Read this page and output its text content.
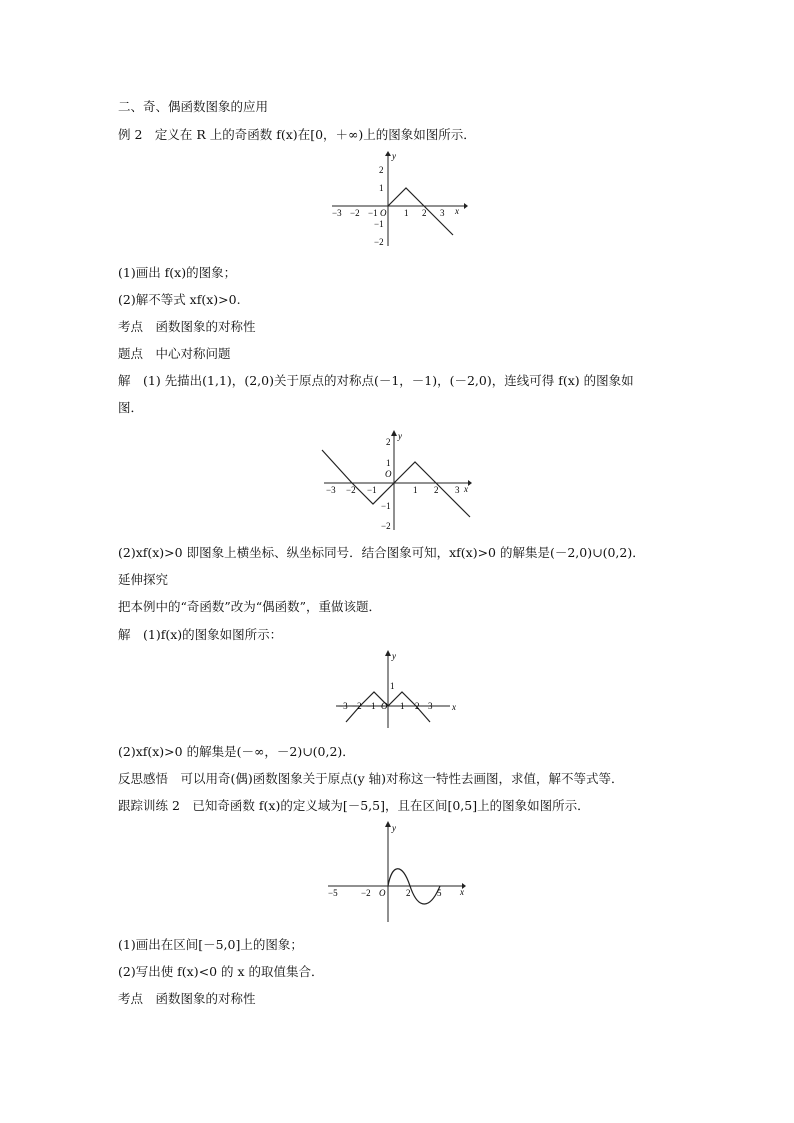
二、奇、偶函数图象的应用
例 2　定义在 R 上的奇函数 f(x)在[0，＋∞)上的图象如图所示．
y
x
O
−3 −2 −1	1 2 3
2
1
−1
−2
(1)画出 f(x)的图象；
(2)解不等式 xf(x)>0.
考点　函数图象的对称性
题点　中心对称问题
解　(1) 先描出(1,1)，(2,0)关于原点的对称点(－1，－1)，(－2,0)，连线可得 f(x) 的图象如
图．
y
x
O
−3 −2 −1	1 2 3
2
1
−1
−2
(2)xf(x)>0 即图象上横坐标、纵坐标同号．结合图象可知，xf(x)>0 的解集是(－2,0)∪(0,2)．
延伸探究
把本例中的“奇函数”改为“偶函数”，重做该题．
解　(1)f(x)的图象如图所示：
y
x
O
−3 −2 −1	1 2 3
1
(2)xf(x)>0 的解集是(－∞，－2)∪(0,2)．
反思感悟　可以用奇(偶)函数图象关于原点(y 轴)对称这一特性去画图，求值，解不等式等．
跟踪训练 2　已知奇函数 f(x)的定义域为[－5,5]，且在区间[0,5]上的图象如图所示．
y
x
O
−5	−2	2	5
(1)画出在区间[－5,0]上的图象；
(2)写出使 f(x)<0 的 x 的取值集合．
考点　函数图象的对称性
